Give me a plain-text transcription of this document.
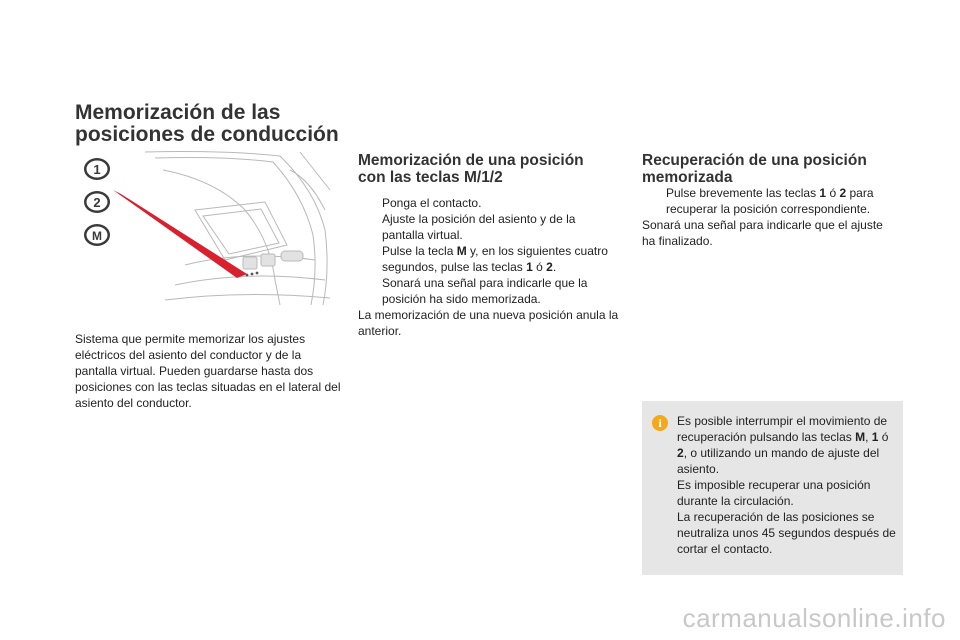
Memorización de las
posiciones de conducción
1
2
M

Sistema que permite memorizar los ajustes eléctricos del asiento del conductor y de la pantalla virtual. Pueden guardarse hasta dos posiciones con las teclas situadas en el lateral del asiento del conductor.

Memorización de una posición
con las teclas M/1/2
Ponga el contacto.
Ajuste la posición del asiento y de la pantalla virtual.
Pulse la tecla M y, en los siguientes cuatro segundos, pulse las teclas 1 ó 2.
Sonará una señal para indicarle que la posición ha sido memorizada.

La memorización de una nueva posición anula la anterior.

Recuperación de una posición
memorizada
Pulse brevemente las teclas 1 ó 2 para recuperar la posición correspondiente.

Sonará una señal para indicarle que el ajuste ha finalizado.

i	Es posible interrumpir el movimiento de recuperación pulsando las teclas M, 1 ó 2, o utilizando un mando de ajuste del asiento.

Es imposible recuperar una posición durante la circulación.

La recuperación de las posiciones se neutraliza unos 45 segundos después de cortar el contacto.

carmanualsonline.info
